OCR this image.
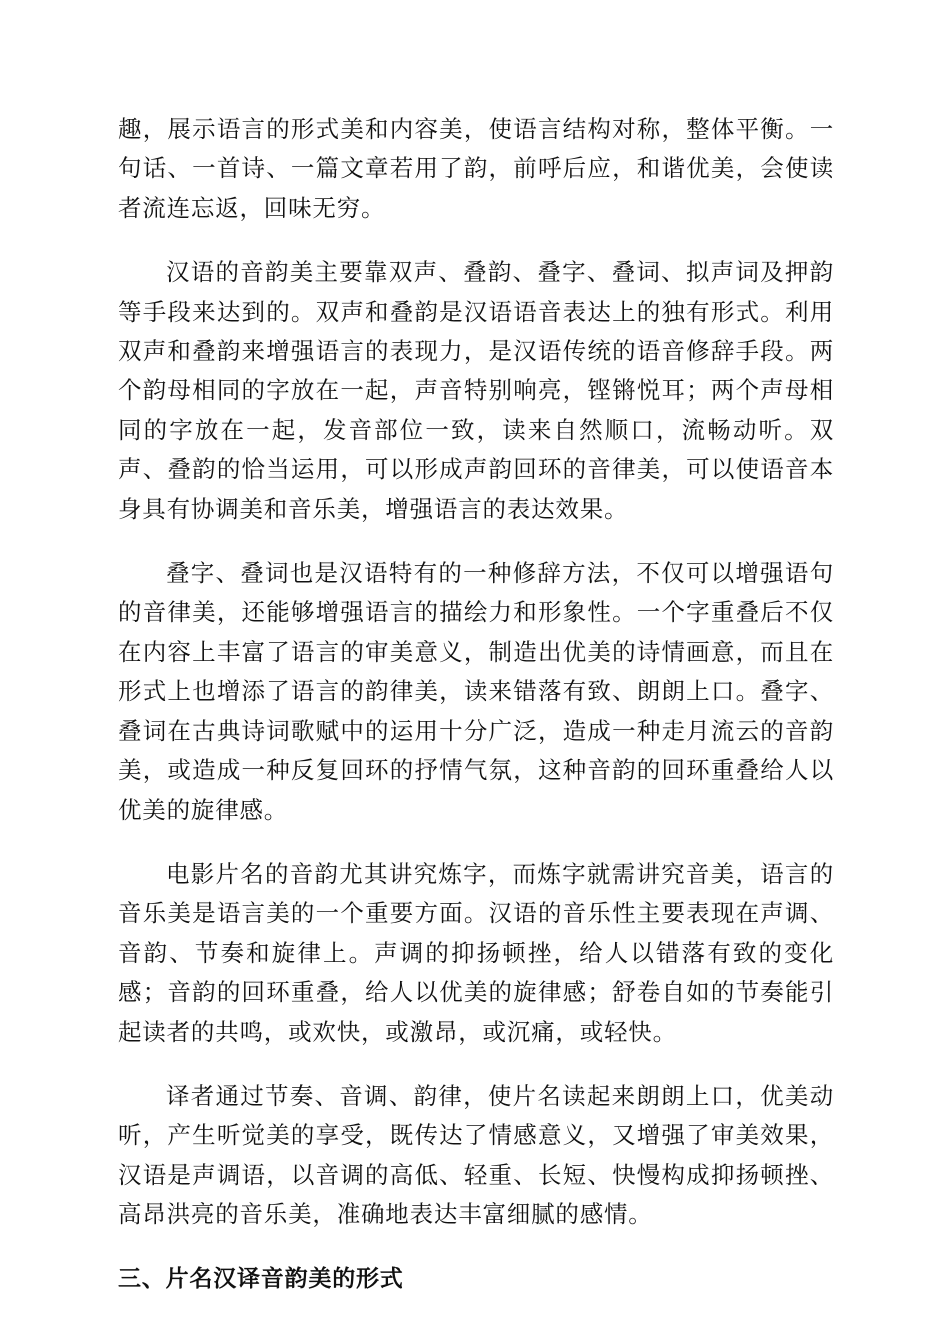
趣，展示语言的形式美和内容美，使语言结构对称，整体平衡。一句话、一首诗、一篇文章若用了韵，前呼后应，和谐优美，会使读者流连忘返，回味无穷。

汉语的音韵美主要靠双声、叠韵、叠字、叠词、拟声词及押韵等手段来达到的。双声和叠韵是汉语语音表达上的独有形式。利用双声和叠韵来增强语言的表现力，是汉语传统的语音修辞手段。两个韵母相同的字放在一起，声音特别响亮，铿锵悦耳；两个声母相同的字放在一起，发音部位一致，读来自然顺口，流畅动听。双声、叠韵的恰当运用，可以形成声韵回环的音律美，可以使语音本身具有协调美和音乐美，增强语言的表达效果。

叠字、叠词也是汉语特有的一种修辞方法，不仅可以增强语句的音律美，还能够增强语言的描绘力和形象性。一个字重叠后不仅在内容上丰富了语言的审美意义，制造出优美的诗情画意，而且在形式上也增添了语言的韵律美，读来错落有致、朗朗上口。叠字、叠词在古典诗词歌赋中的运用十分广泛，造成一种走月流云的音韵美，或造成一种反复回环的抒情气氛，这种音韵的回环重叠给人以优美的旋律感。

电影片名的音韵尤其讲究炼字，而炼字就需讲究音美，语言的音乐美是语言美的一个重要方面。汉语的音乐性主要表现在声调、音韵、节奏和旋律上。声调的抑扬顿挫，给人以错落有致的变化感；音韵的回环重叠，给人以优美的旋律感；舒卷自如的节奏能引起读者的共鸣，或欢快，或激昂，或沉痛，或轻快。

译者通过节奏、音调、韵律，使片名读起来朗朗上口，优美动听，产生听觉美的享受，既传达了情感意义，又增强了审美效果，汉语是声调语，以音调的高低、轻重、长短、快慢构成抑扬顿挫、高昂洪亮的音乐美，准确地表达丰富细腻的感情。

三、片名汉译音韵美的形式
